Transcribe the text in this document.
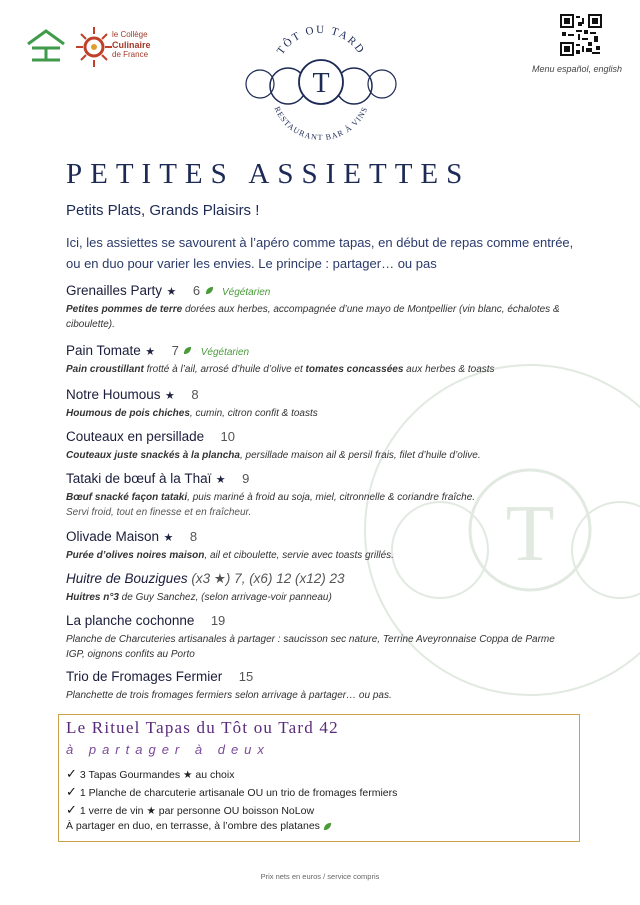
le Collège
Culinaire
de France	TÔT OU TARD
T
RESTAURANT BAR À VINS
Menu español, english
T
PETITES ASSIETTES
Petits Plats, Grands Plaisirs !
Ici, les assiettes se savourent à l’apéro comme tapas, en début de repas comme entrée, ou en duo pour varier les envies. Le principe : partager… ou pas
Grenailles Party ★ 6 Végétarien
Petites pommes de terre dorées aux herbes, accompagnée d’une mayo de Montpellier (vin blanc, échalotes & ciboulette).
Pain Tomate ★ 7 Végétarien
Pain croustillant frotté à l’ail, arrosé d’huile d’olive et tomates concassées aux herbes & toasts
Notre Houmous ★ 8
Houmous de pois chiches, cumin, citron confit & toasts
Couteaux en persillade 10
Couteaux juste snackés à la plancha, persillade maison ail & persil frais, filet d’huile d’olive.
Tataki de bœuf à la Thaï ★ 9
Bœuf snacké façon tataki, puis mariné à froid au soja, miel, citronnelle & coriandre fraîche.
Servi froid, tout en finesse et en fraîcheur.
Olivade Maison ★ 8
Purée d’olives noires maison, ail et ciboulette, servie avec toasts grillés.
Huitre de Bouzigues (x3 ★) 7, (x6) 12 (x12) 23
Huitres n°3 de Guy Sanchez, (selon arrivage-voir panneau)
La planche cochonne 19
Planche de Charcuteries artisanales à partager : saucisson sec nature, Terrine Aveyronnaise Coppa de Parme IGP, oignons confits au Porto
Trio de Fromages Fermier 15
Planchette de trois fromages fermiers selon arrivage à partager… ou pas.
Le Rituel Tapas du Tôt ou Tard 42
à partager à deux
✓ 3 Tapas Gourmandes ★ au choix
✓ 1 Planche de charcuterie artisanale OU un trio de fromages fermiers
✓ 1 verre de vin ★ par personne OU boisson NoLow
À partager en duo, en terrasse, à l’ombre des platanes
Prix nets en euros / service compris
